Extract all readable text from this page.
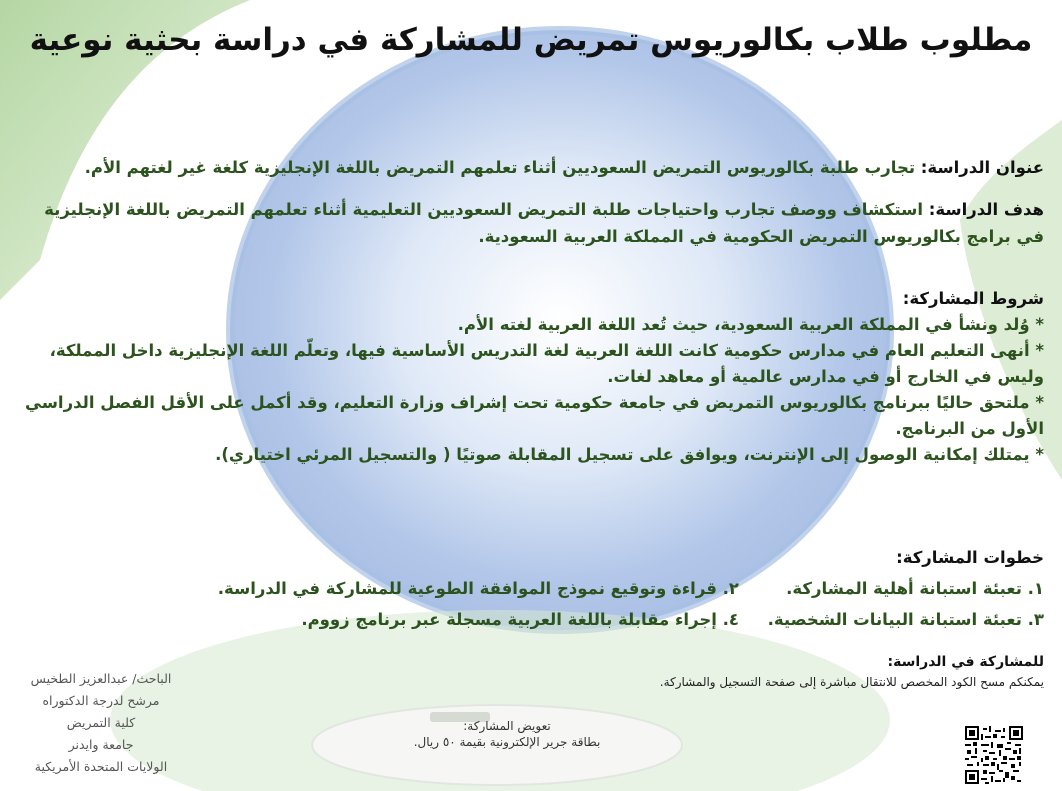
مطلوب طلاب بكالوريوس تمريض للمشاركة في دراسة بحثية نوعية
عنوان الدراسة: تجارب طلبة بكالوريوس التمريض السعوديين أثناء تعلمهم التمريض باللغة الإنجليزية كلغة غير لغتهم الأم.
هدف الدراسة: استكشاف ووصف تجارب واحتياجات طلبة التمريض السعوديين التعليمية أثناء تعلمهم التمريض باللغة الإنجليزية في برامج بكالوريوس التمريض الحكومية في المملكة العربية السعودية.
شروط المشاركة:
* وُلد ونشأ في المملكة العربية السعودية، حيث تُعد اللغة العربية لغته الأم.
* أنهى التعليم العام في مدارس حكومية كانت اللغة العربية لغة التدريس الأساسية فيها، وتعلّم اللغة الإنجليزية داخل المملكة، وليس في الخارج أو في مدارس عالمية أو معاهد لغات.
* ملتحق حاليًا ببرنامج بكالوريوس التمريض في جامعة حكومية تحت إشراف وزارة التعليم، وقد أكمل على الأقل الفصل الدراسي الأول من البرنامج.
* يمتلك إمكانية الوصول إلى الإنترنت، ويوافق على تسجيل المقابلة صوتيًا ( والتسجيل المرئي اختياري).
خطوات المشاركة:
١. تعبئة استبانة أهلية المشاركة.
٢. قراءة وتوقيع نموذج الموافقة الطوعية للمشاركة في الدراسة.
٣. تعبئة استبانة البيانات الشخصية.
٤. إجراء مقابلة باللغة العربية مسجلة عبر برنامج زووم.
للمشاركة في الدراسة:
يمكنكم مسح الكود المخصص للانتقال مباشرة إلى صفحة التسجيل والمشاركة.
الباحث/ عبدالعزيز الطخيس
مرشح لدرجة الدكتوراه
كلية التمريض
جامعة وايدنر
الولايات المتحدة الأمريكية
تعويض المشاركة:
بطاقة جرير الإلكترونية بقيمة ٥٠ ريال.
